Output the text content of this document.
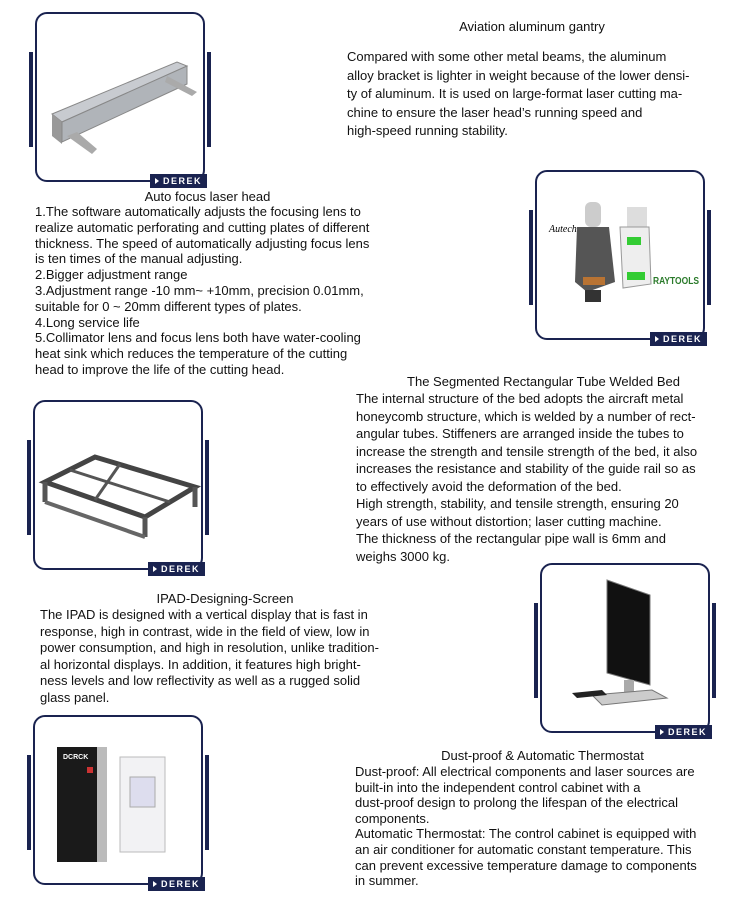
DEREK
Autech
RAYTOOLS
DEREK
DEREK
DEREK
DCRCK
DEREK
Aviation aluminum gantry
Compared with some other metal beams, the aluminum
alloy bracket is lighter in weight because of the lower densi-
ty of aluminum. It is used on large-format laser cutting ma-
chine to ensure the laser head’s running speed and
high-speed running stability.
Auto focus laser head
1.The software automatically adjusts the focusing lens to
realize automatic perforating and cutting plates of different
thickness. The speed of automatically adjusting focus lens
is ten times of the manual adjusting.
2.Bigger adjustment range
3.Adjustment range -10 mm~ +10mm, precision 0.01mm,
suitable for 0 ~ 20mm different types of plates.
4.Long service life
5.Collimator lens and focus lens both have water-cooling
heat sink which reduces the temperature of the cutting
head to improve the life of the cutting head.
The Segmented Rectangular Tube Welded Bed
The internal structure of the bed adopts the aircraft metal
honeycomb structure, which is welded by a number of rect-
angular tubes. Stiffeners are arranged inside the tubes to
increase the strength and tensile strength of the bed, it also
increases the resistance and stability of the guide rail so as
to effectively avoid the deformation of the bed.
High strength, stability, and tensile strength, ensuring 20
years of use without distortion; laser cutting machine.
The thickness of the rectangular pipe wall is 6mm and
weighs 3000 kg.
IPAD-Designing-Screen
The IPAD is designed with a vertical display that is fast in
response, high in contrast, wide in the field of view, low in
power consumption, and high in resolution, unlike tradition-
al horizontal displays. In addition, it features high bright-
ness levels and low reflectivity as well as a rugged solid
glass panel.
Dust-proof & Automatic Thermostat
Dust-proof: All electrical components and laser sources are
built-in into the independent control cabinet with a
dust-proof design to prolong the lifespan of the electrical
components.
Automatic Thermostat: The control cabinet is equipped with
an air conditioner for automatic constant temperature. This
can prevent excessive temperature damage to components
in summer.
